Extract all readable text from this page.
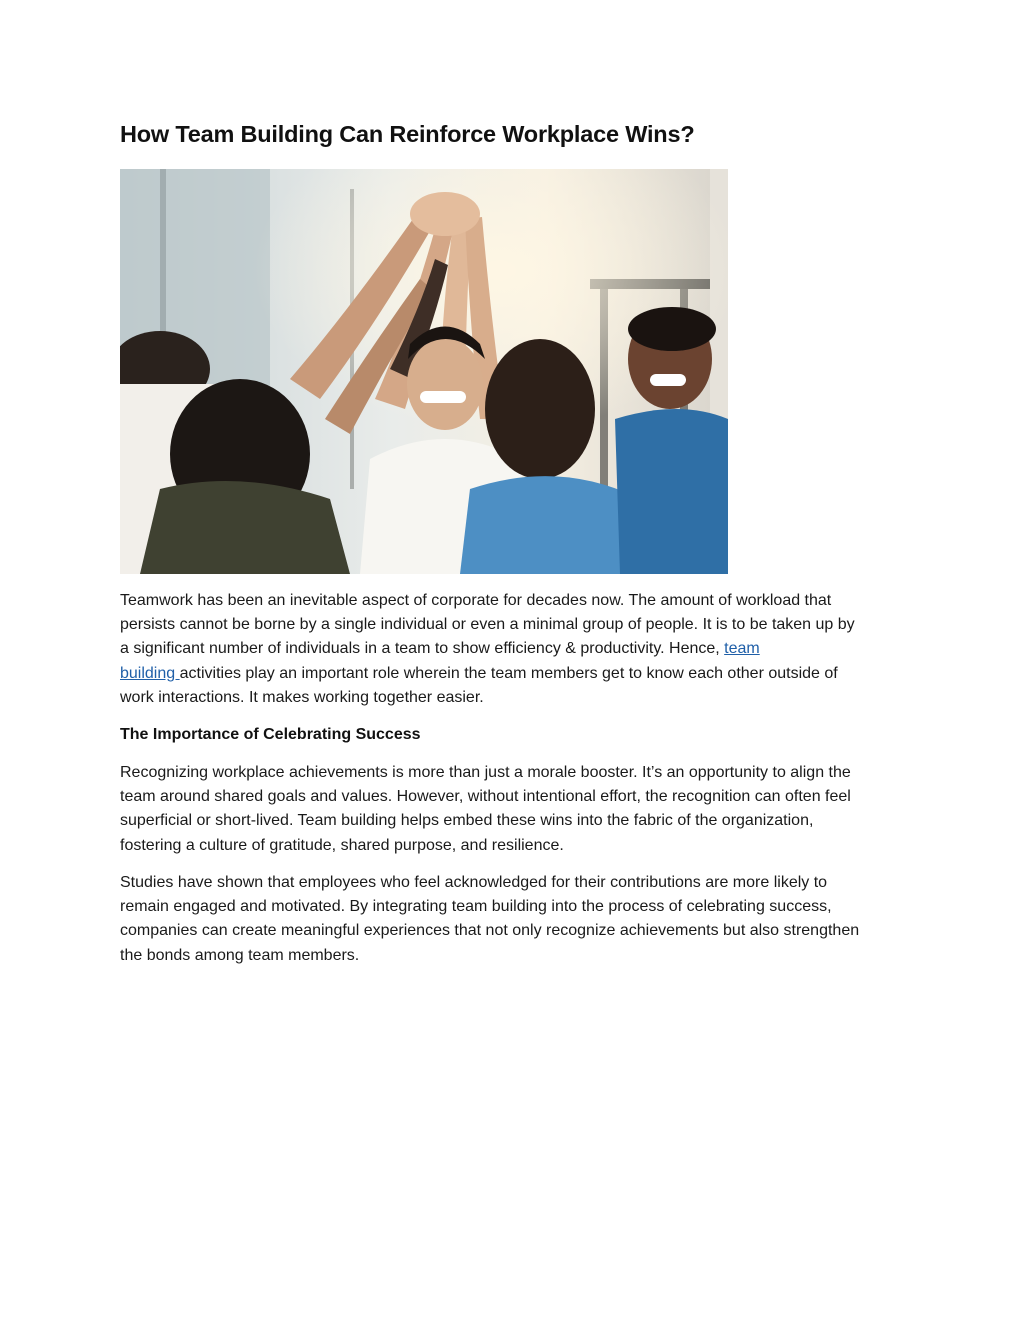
How Team Building Can Reinforce Workplace Wins?

Teamwork has been an inevitable aspect of corporate for decades now. The amount of workload that
persists cannot be borne by a single individual or even a minimal group of people. It is to be taken up by
a significant number of individuals in a team to show efficiency & productivity. Hence, team
building activities play an important role wherein the team members get to know each other outside of
work interactions. It makes working together easier.

The Importance of Celebrating Success

Recognizing workplace achievements is more than just a morale booster. It’s an opportunity to align the
team around shared goals and values. However, without intentional effort, the recognition can often feel
superficial or short-lived. Team building helps embed these wins into the fabric of the organization,
fostering a culture of gratitude, shared purpose, and resilience.

Studies have shown that employees who feel acknowledged for their contributions are more likely to
remain engaged and motivated. By integrating team building into the process of celebrating success,
companies can create meaningful experiences that not only recognize achievements but also strengthen
the bonds among team members.
